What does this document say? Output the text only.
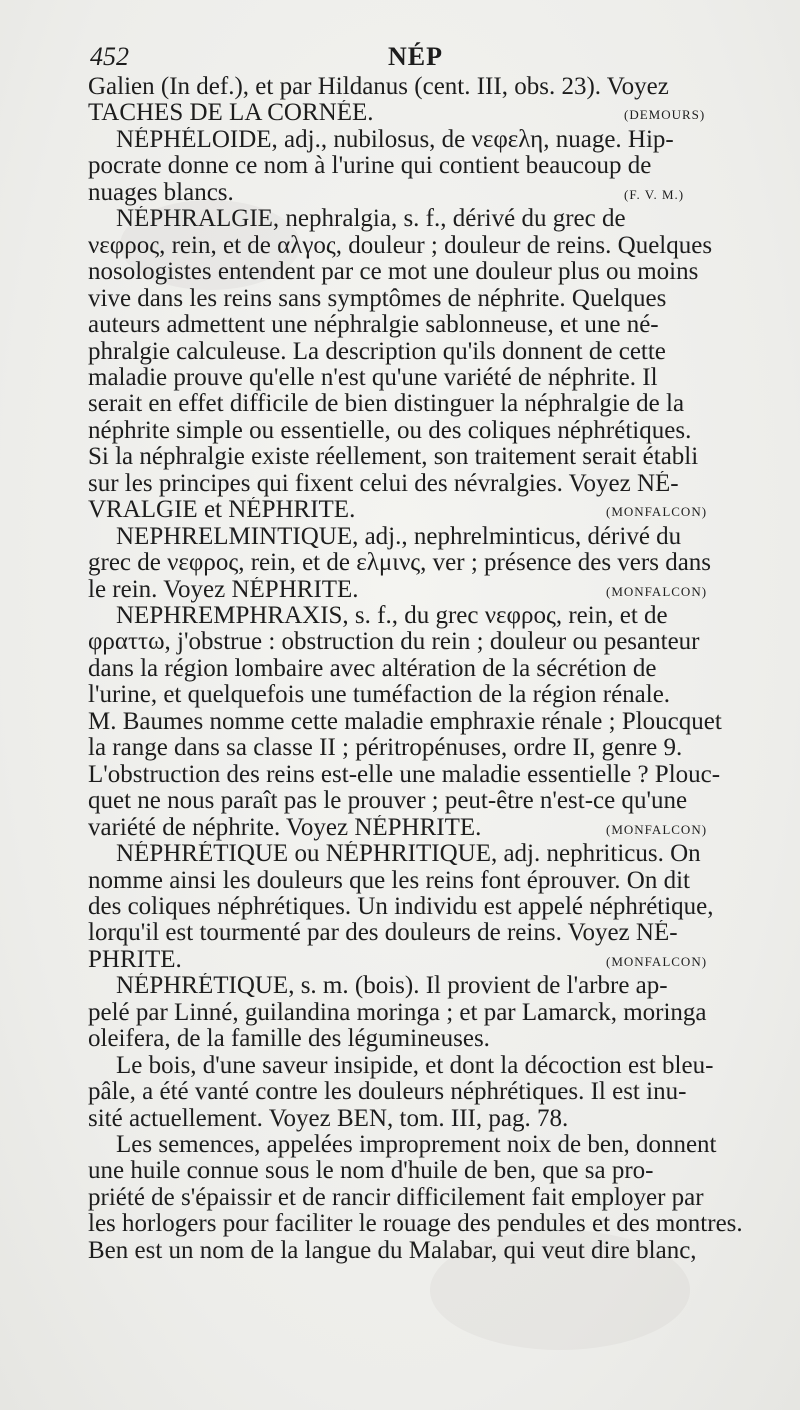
452	NÉP
Galien (In def.), et par Hildanus (cent. III, obs. 23). Voyez
TACHES DE LA CORNÉE.	(DEMOURS)
NÉPHÉLOIDE, adj., nubilosus, de νεφελη, nuage. Hip-
pocrate donne ce nom à l'urine qui contient beaucoup de
nuages blancs.	(F. V. M.)
NÉPHRALGIE, nephralgia, s. f., dérivé du grec de
νεφρος, rein, et de αλγος, douleur ; douleur de reins. Quelques
nosologistes entendent par ce mot une douleur plus ou moins
vive dans les reins sans symptômes de néphrite. Quelques
auteurs admettent une néphralgie sablonneuse, et une né-
phralgie calculeuse. La description qu'ils donnent de cette
maladie prouve qu'elle n'est qu'une variété de néphrite. Il
serait en effet difficile de bien distinguer la néphralgie de la
néphrite simple ou essentielle, ou des coliques néphrétiques.
Si la néphralgie existe réellement, son traitement serait établi
sur les principes qui fixent celui des névralgies. Voyez NÉ-
VRALGIE et NÉPHRITE.	(MONFALCON)
NEPHRELMINTIQUE, adj., nephrelminticus, dérivé du
grec de νεφρος, rein, et de ελμινς, ver ; présence des vers dans
le rein. Voyez NÉPHRITE.	(MONFALCON)
NEPHREMPHRAXIS, s. f., du grec νεφρος, rein, et de
φραττω, j'obstrue : obstruction du rein ; douleur ou pesanteur
dans la région lombaire avec altération de la sécrétion de
l'urine, et quelquefois une tuméfaction de la région rénale.
M. Baumes nomme cette maladie emphraxie rénale ; Ploucquet
la range dans sa classe II ; péritropénuses, ordre II, genre 9.
L'obstruction des reins est-elle une maladie essentielle ? Plouc-
quet ne nous paraît pas le prouver ; peut-être n'est-ce qu'une
variété de néphrite. Voyez NÉPHRITE.	(MONFALCON)
NÉPHRÉTIQUE ou NÉPHRITIQUE, adj. nephriticus. On
nomme ainsi les douleurs que les reins font éprouver. On dit
des coliques néphrétiques. Un individu est appelé néphrétique,
lorqu'il est tourmenté par des douleurs de reins. Voyez NÉ-
PHRITE.	(MONFALCON)
NÉPHRÉTIQUE, s. m. (bois). Il provient de l'arbre ap-
pelé par Linné, guilandina moringa ; et par Lamarck, moringa
oleifera, de la famille des légumineuses.
Le bois, d'une saveur insipide, et dont la décoction est bleu-
pâle, a été vanté contre les douleurs néphrétiques. Il est inu-
sité actuellement. Voyez BEN, tom. III, pag. 78.
Les semences, appelées improprement noix de ben, donnent
une huile connue sous le nom d'huile de ben, que sa pro-
priété de s'épaissir et de rancir difficilement fait employer par
les horlogers pour faciliter le rouage des pendules et des montres.
Ben est un nom de la langue du Malabar, qui veut dire blanc,
